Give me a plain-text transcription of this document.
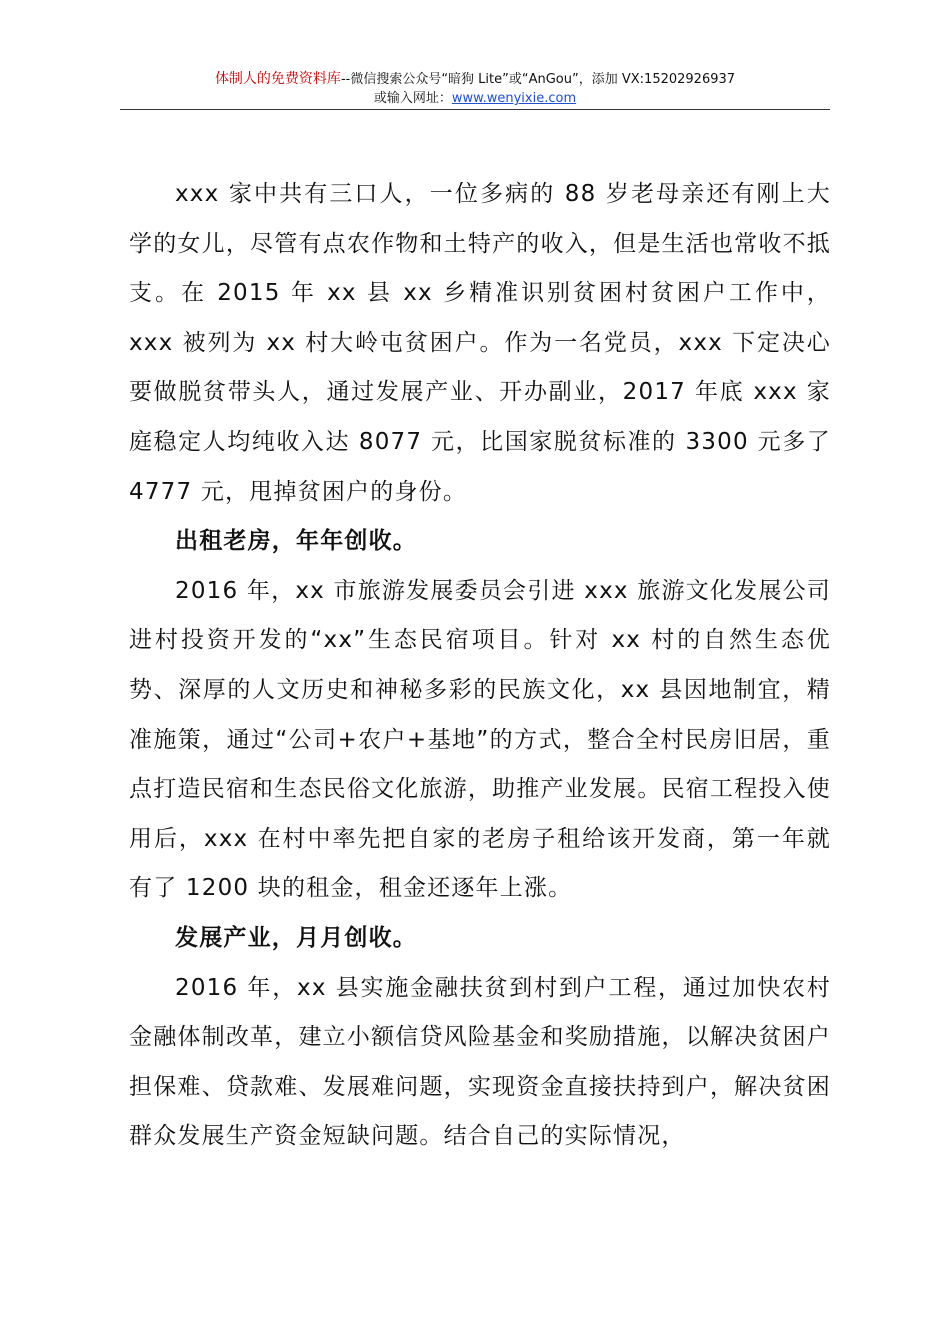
体制人的免费资料库--微信搜索公众号“暗狗 Lite”或“AnGou”，添加 VX:15202926937
或输入网址：www.wenyixie.com

xxx 家中共有三口人，一位多病的 88 岁老母亲还有刚上大学的女儿，尽管有点农作物和土特产的收入，但是生活也常收不抵支。在 2015 年 xx 县 xx 乡精准识别贫困村贫困户工作中，xxx 被列为 xx 村大岭屯贫困户。作为一名党员，xxx 下定决心要做脱贫带头人，通过发展产业、开办副业，2017 年底 xxx 家庭稳定人均纯收入达 8077 元，比国家脱贫标准的 3300 元多了 4777 元，甩掉贫困户的身份。

出租老房，年年创收。

2016 年，xx 市旅游发展委员会引进 xxx 旅游文化发展公司进村投资开发的“xx”生态民宿项目。针对 xx 村的自然生态优势、深厚的人文历史和神秘多彩的民族文化，xx 县因地制宜，精准施策，通过“公司+农户+基地”的方式，整合全村民房旧居，重点打造民宿和生态民俗文化旅游，助推产业发展。民宿工程投入使用后，xxx 在村中率先把自家的老房子租给该开发商，第一年就有了 1200 块的租金，租金还逐年上涨。

发展产业，月月创收。

2016 年，xx 县实施金融扶贫到村到户工程，通过加快农村金融体制改革，建立小额信贷风险基金和奖励措施，以解决贫困户担保难、贷款难、发展难问题，实现资金直接扶持到户，解决贫困群众发展生产资金短缺问题。结合自己的实际情况，
